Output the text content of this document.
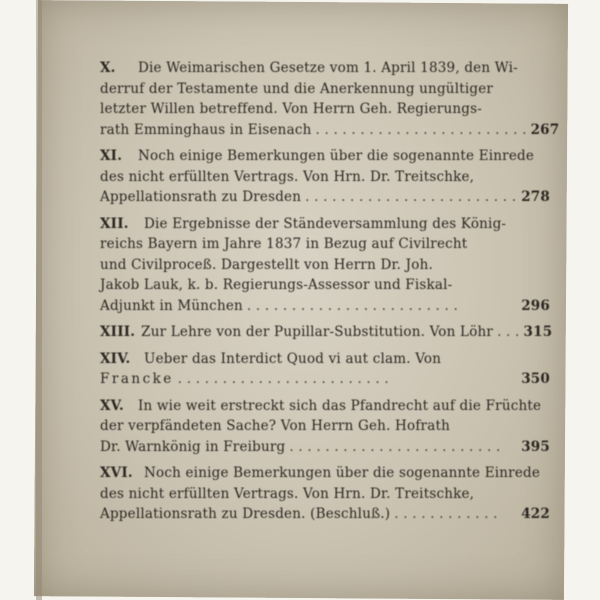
X.	Die Weimarischen Gesetze vom 1. April 1839, den Wi-
derruf der Testamente und die Anerkennung ungültiger
letzter Willen betreffend. Von Herrn Geh. Regierungs-
rath Emminghaus in Eisenach . . . . . . . . . . . . . . . . . . . . . . . . 267
XI.	Noch einige Bemerkungen über die sogenannte Einrede
des nicht erfüllten Vertrags. Von Hrn. Dr. Treitschke,
Appellationsrath zu Dresden . . . . . . . . . . . . . . . . . . . . . . . . 278
XII.	Die Ergebnisse der Ständeversammlung des König-
reichs Bayern im Jahre 1837 in Bezug auf Civilrecht
und Civilproceß. Dargestellt von Herrn Dr. Joh.
Jakob Lauk, k. b. Regierungs-Assessor und Fiskal-
Adjunkt in München . . . . . . . . . . . . . . . . . . . . . . . .	296
XIII. Zur Lehre von der Pupillar-Substitution. Von Löhr . . . 315
XIV.	Ueber das Interdict Quod vi aut clam. Von
Francke . . . . . . . . . . . . . . . . . . . . . . . .	350
XV.	In wie weit erstreckt sich das Pfandrecht auf die Früchte
der verpfändeten Sache? Von Herrn Geh. Hofrath
Dr. Warnkönig in Freiburg . . . . . . . . . . . . . . . . . . . . . . . .	395
XVI. Noch einige Bemerkungen über die sogenannte Einrede
des nicht erfüllten Vertrags. Von Hrn. Dr. Treitschke,
Appellationsrath zu Dresden. (Beschluß.) . . . . . . . . . . . .	422
